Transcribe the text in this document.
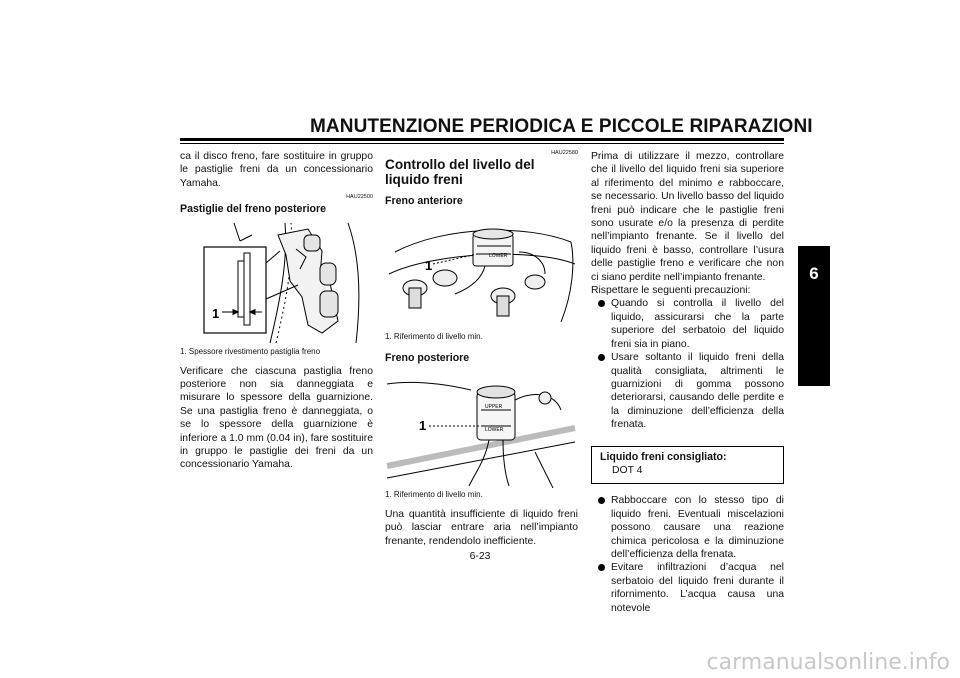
MANUTENZIONE PERIODICA E PICCOLE RIPARAZIONI
6

ca il disco freno, fare sostituire in gruppo le pastiglie freni da un concessionario Yamaha.

HAU22500
Pastiglie del freno posteriore
1
1. Spessore rivestimento pastiglia freno

Verificare che ciascuna pastiglia freno posteriore non sia danneggiata e misurare lo spessore della guarnizione. Se una pastiglia freno è danneggiata, o se lo spessore della guarnizione è inferiore a 1.0 mm (0.04 in), fare sostituire in gruppo le pastiglie dei freni da un concessionario Yamaha.

HAU22580
Controllo del livello del liquido freni
Freno anteriore
LOWER
1
1. Riferimento di livello min.
Freno posteriore
UPPER
LOWER
1
1. Riferimento di livello min.

Una quantità insufficiente di liquido freni può lasciar entrare aria nell’impianto frenante, rendendolo inefficiente.

Prima di utilizzare il mezzo, controllare che il livello del liquido freni sia superiore al riferimento del minimo e rabboccare, se necessario. Un livello basso del liquido freni può indicare che le pastiglie freni sono usurate e/o la presenza di perdite nell’impianto frenante. Se il livello del liquido freni è basso, controllare l’usura delle pastiglie freno e verificare che non ci siano perdite nell’impianto frenante.

Rispettare le seguenti precauzioni:

Quando si controlla il livello del liquido, assicurarsi che la parte superiore del serbatoio del liquido freni sia in piano.
Usare soltanto il liquido freni della qualità consigliata, altrimenti le guarnizioni di gomma possono deteriorarsi, causando delle perdite e la diminuzione dell’efficienza della frenata.
Liquido freni consigliato:
DOT 4
Rabboccare con lo stesso tipo di liquido freni. Eventuali miscelazioni possono causare una reazione chimica pericolosa e la diminuzione dell’efficienza della frenata.
Evitare infiltrazioni d’acqua nel serbatoio del liquido freni durante il rifornimento. L’acqua causa una notevole
6-23
carmanualsonline.info
